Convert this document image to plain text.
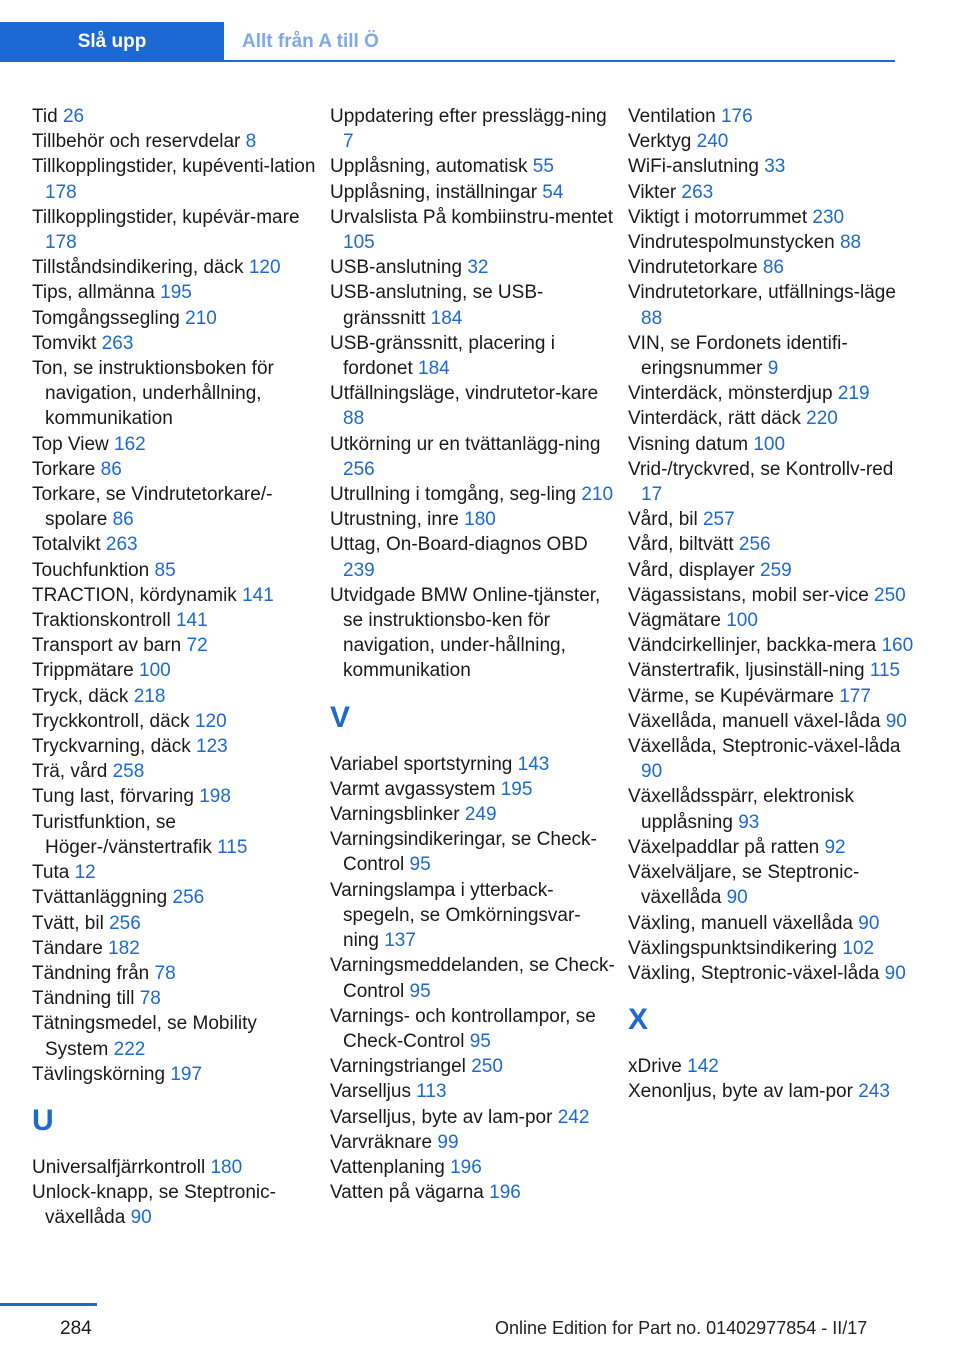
Slå upp	Allt från A till Ö
Tid 26
Tillbehör och reservdelar 8
Tillkopplingstider, kupéventi‐lation 178
Tillkopplingstider, kupévär‐mare 178
Tillståndsindikering, däck 120
Tips, allmänna 195
Tomgångssegling 210
Tomvikt 263
Ton, se instruktionsboken för navigation, underhållning, kommunikation
Top View 162
Torkare 86
Torkare, se Vindrutetorkare/-spolare 86
Totalvikt 263
Touchfunktion 85
TRACTION, kördynamik 141
Traktionskontroll 141
Transport av barn 72
Trippmätare 100
Tryck, däck 218
Tryckkontroll, däck 120
Tryckvarning, däck 123
Trä, vård 258
Tung last, förvaring 198
Turistfunktion, se Höger-/vänstertrafik 115
Tuta 12
Tvättanläggning 256
Tvätt, bil 256
Tändare 182
Tändning från 78
Tändning till 78
Tätningsmedel, se Mobility System 222
Tävlingskörning 197
U
Universalfjärrkontroll 180
Unlock-knapp, se Steptronic-växellåda 90
Uppdatering efter presslägg‐ning 7
Upplåsning, automatisk 55
Upplåsning, inställningar 54
Urvalslista På kombiinstru‐mentet 105
USB-anslutning 32
USB-anslutning, se USB-gränssnitt 184
USB-gränssnitt, placering i fordonet 184
Utfällningsläge, vindrutetor‐kare 88
Utkörning ur en tvättanlägg‐ning 256
Utrullning i tomgång, seg‐ling 210
Utrustning, inre 180
Uttag, On-Board-diagnos OBD 239
Utvidgade BMW Online-tjänster, se instruktionsbo‐ken för navigation, under‐hållning, kommunikation
V
Variabel sportstyrning 143
Varmt avgassystem 195
Varningsblinker 249
Varningsindikeringar, se Check-Control 95
Varningslampa i ytterback‐spegeln, se Omkörningsvar‐ning 137
Varningsmeddelanden, se Check-Control 95
Varnings- och kontrollampor, se Check-Control 95
Varningstriangel 250
Varselljus 113
Varselljus, byte av lam‐por 242
Varvräknare 99
Vattenplaning 196
Vatten på vägarna 196
Ventilation 176
Verktyg 240
WiFi-anslutning 33
Vikter 263
Viktigt i motorrummet 230
Vindrutespolmunstycken 88
Vindrutetorkare 86
Vindrutetorkare, utfällnings‐läge 88
VIN, se Fordonets identifi‐eringsnummer 9
Vinterdäck, mönsterdjup 219
Vinterdäck, rätt däck 220
Visning datum 100
Vrid-/tryckvred, se Kontrollv‐red 17
Vård, bil 257
Vård, biltvätt 256
Vård, displayer 259
Vägassistans, mobil ser‐vice 250
Vägmätare 100
Vändcirkellinjer, backka‐mera 160
Vänstertrafik, ljusinställ‐ning 115
Värme, se Kupévärmare 177
Växellåda, manuell växel‐låda 90
Växellåda, Steptronic-växel‐låda 90
Växellådsspärr, elektronisk upplåsning 93
Växelpaddlar på ratten 92
Växelväljare, se Steptronic-växellåda 90
Växling, manuell växellåda 90
Växlingspunktsindikering 102
Växling, Steptronic-växel‐låda 90
X
xDrive 142
Xenonljus, byte av lam‐por 243
284	Online Edition for Part no. 01402977854 - II/17
